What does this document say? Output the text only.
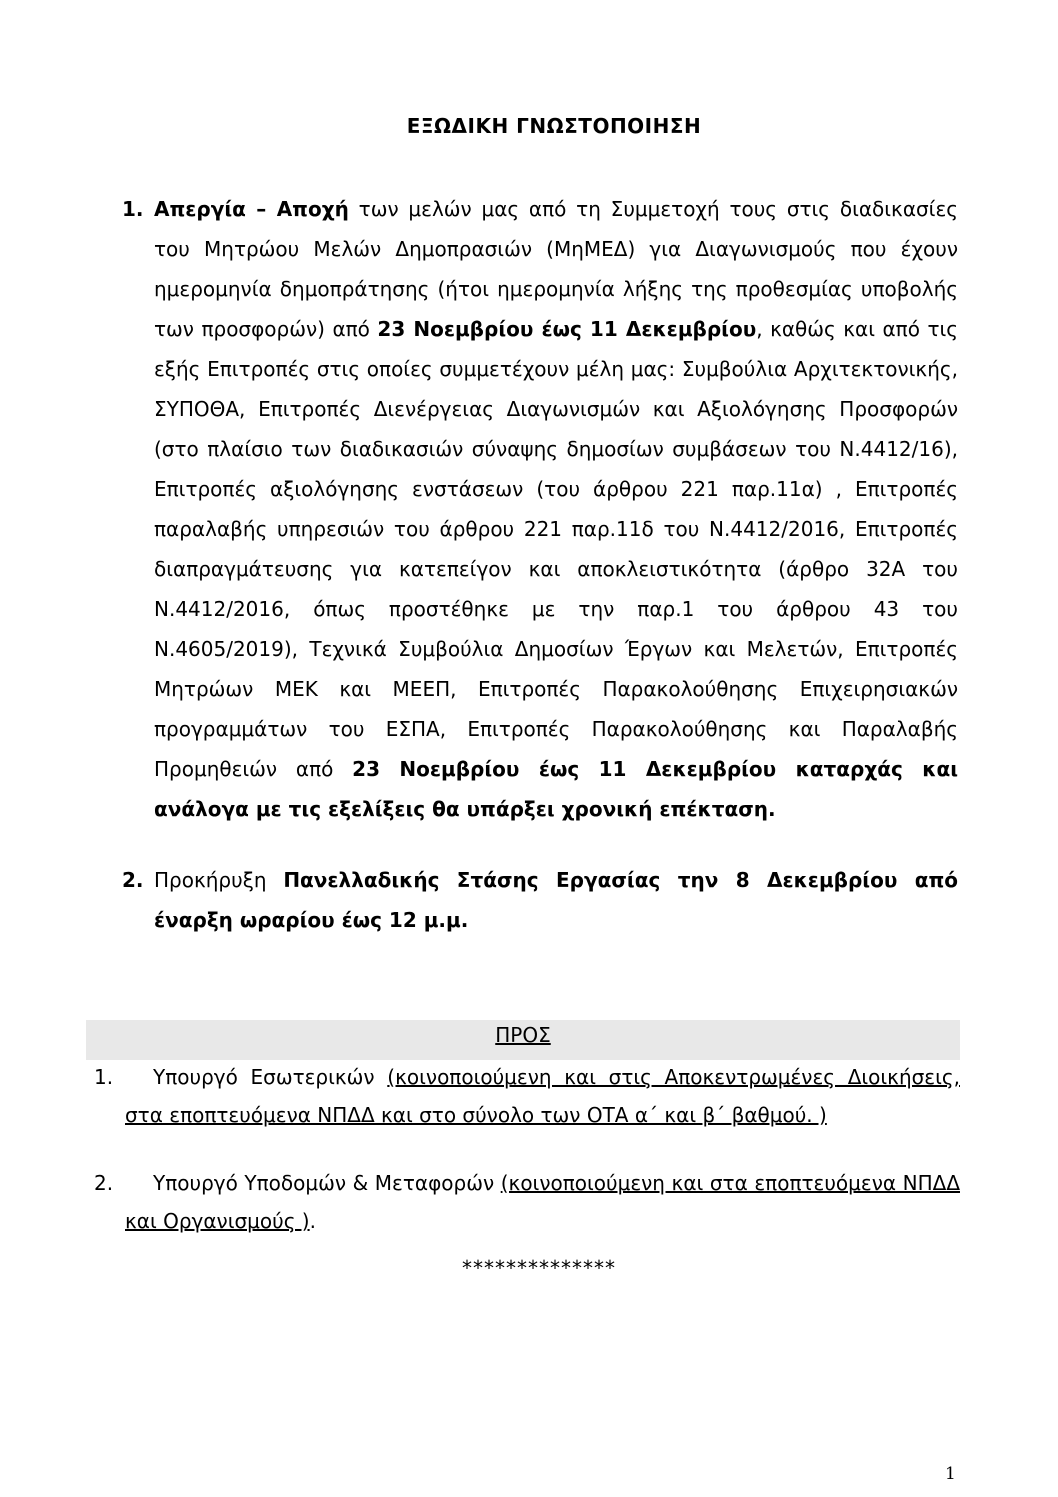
ΕΞΩΔΙΚΗ ΓΝΩΣΤΟΠΟΙΗΣΗ
1. Απεργία – Αποχή των μελών μας από τη Συμμετοχή τους στις διαδικασίες του Μητρώου Μελών Δημοπρασιών (ΜηΜΕΔ) για Διαγωνισμούς που έχουν ημερομηνία δημοπράτησης (ήτοι ημερομηνία λήξης της προθεσμίας υποβολής των προσφορών) από 23 Νοεμβρίου έως 11 Δεκεμβρίου, καθώς και από τις εξής Επιτροπές στις οποίες συμμετέχουν μέλη μας: Συμβούλια Αρχιτεκτονικής, ΣΥΠΟΘΑ, Επιτροπές Διενέργειας Διαγωνισμών και Αξιολόγησης Προσφορών (στο πλαίσιο των διαδικασιών σύναψης δημοσίων συμβάσεων του Ν.4412/16), Επιτροπές αξιολόγησης ενστάσεων (του άρθρου 221 παρ.11α) , Επιτροπές παραλαβής υπηρεσιών του άρθρου 221 παρ.11δ του Ν.4412/2016, Επιτροπές διαπραγμάτευσης για κατεπείγον και αποκλειστικότητα (άρθρο 32Α του Ν.4412/2016, όπως προστέθηκε με την παρ.1 του άρθρου 43 του Ν.4605/2019), Τεχνικά Συμβούλια Δημοσίων Έργων και Μελετών, Επιτροπές Μητρώων ΜΕΚ και ΜΕΕΠ, Επιτροπές Παρακολούθησης Επιχειρησιακών προγραμμάτων του ΕΣΠΑ, Επιτροπές Παρακολούθησης και Παραλαβής Προμηθειών από 23 Νοεμβρίου έως 11 Δεκεμβρίου καταρχάς και ανάλογα με τις εξελίξεις θα υπάρξει χρονική επέκταση.
2. Προκήρυξη Πανελλαδικής Στάσης Εργασίας την 8 Δεκεμβρίου από έναρξη ωραρίου έως 12 μ.μ.
ΠΡΟΣ
1.	Υπουργό Εσωτερικών (κοινοποιούμενη και στις Αποκεντρωμένες Διοικήσεις, στα εποπτευόμενα ΝΠΔΔ και στο σύνολο των ΟΤΑ α΄ και β΄ βαθμού. )
2.	Υπουργό Υποδομών & Μεταφορών (κοινοποιούμενη και στα εποπτευόμενα ΝΠΔΔ και Οργανισμούς ).
**************
1
